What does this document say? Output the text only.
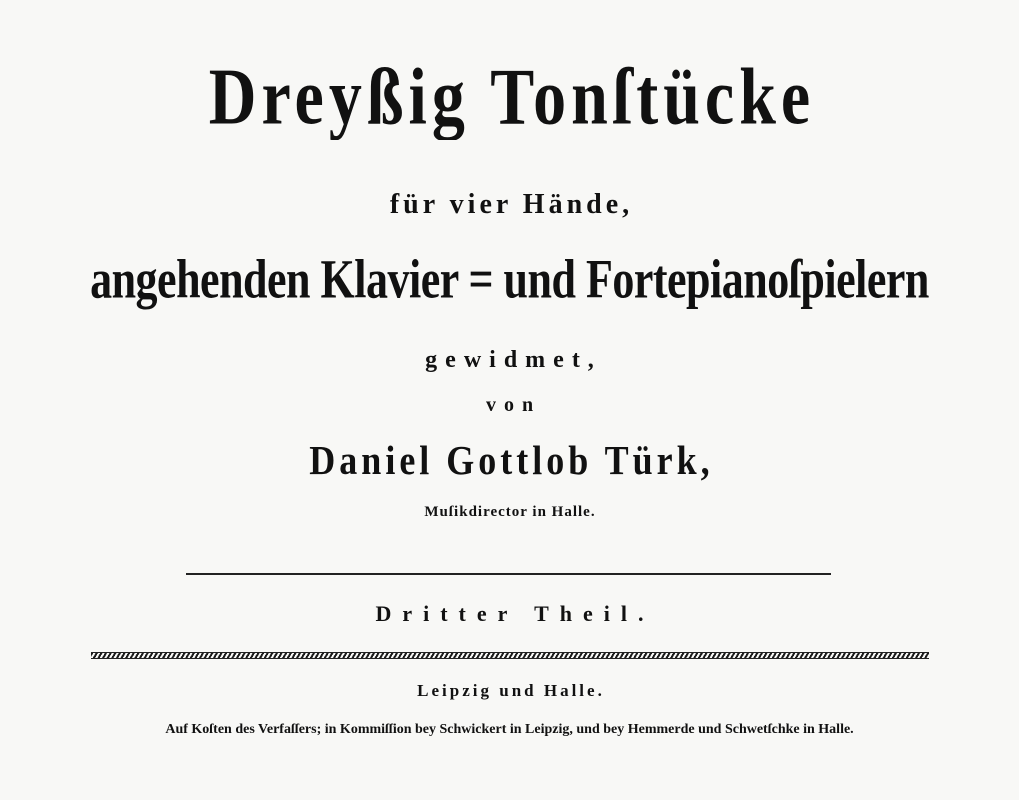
Dreyßig Tonſtücke
für vier Hände,
angehenden Klavier = und Fortepianoſpielern
gewidmet,
von
Daniel Gottlob Türk,
Muſikdirector in Halle.
Dritter Theil.
Leipzig und Halle.
Auf Koſten des Verfaſſers; in Kommiſſion bey Schwickert in Leipzig, und bey Hemmerde und Schwetſchke in Halle.
